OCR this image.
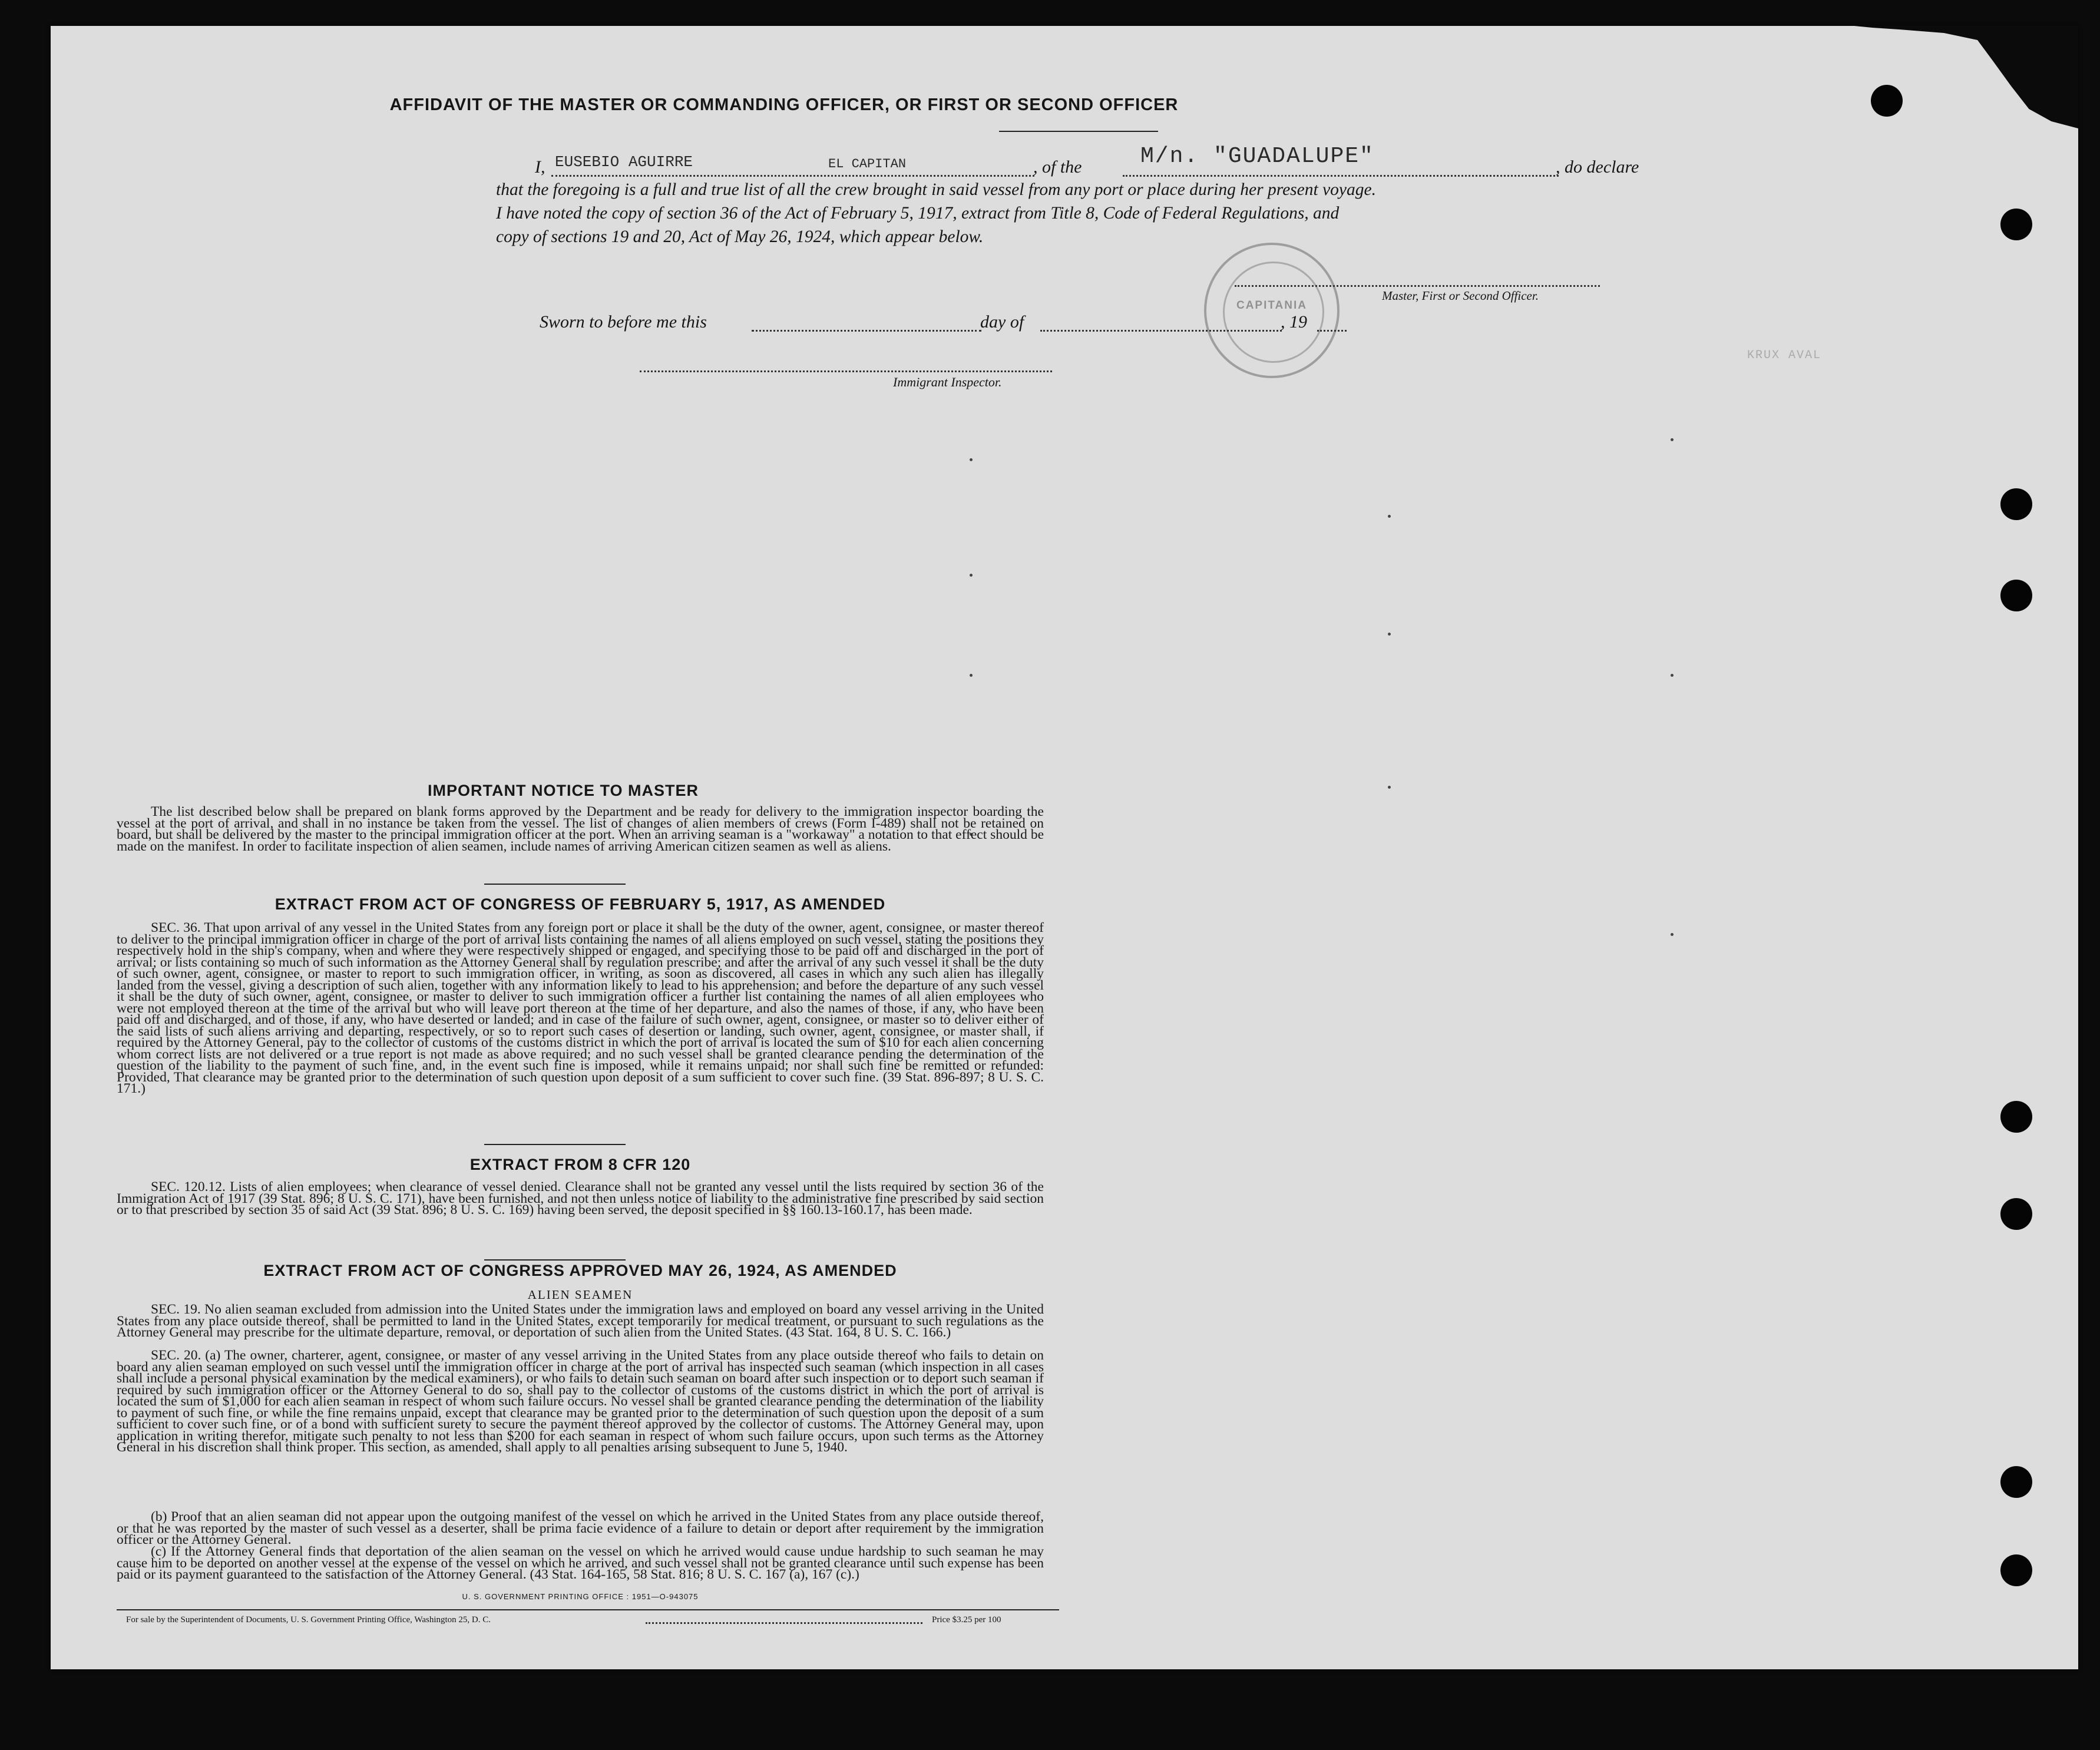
AFFIDAVIT OF THE MASTER OR COMMANDING OFFICER, OR FIRST OR SECOND OFFICER
I, EUSEBIO AGUIRRE	EL CAPITAN	, of the	M/n. "GUADALUPE"	, do declare
that the foregoing is a full and true list of all the crew brought in said vessel from any port or place during her present voyage.
I have noted the copy of section 36 of the Act of February 5, 1917, extract from Title 8, Code of Federal Regulations, and
copy of sections 19 and 20, Act of May 26, 1924, which appear below.
CAPITANIA
Master, First or Second Officer.
Sworn to before me this	day of	, 19
Immigrant Inspector.
KRUX AVAL
IMPORTANT NOTICE TO MASTER
The list described below shall be prepared on blank forms approved by the Department and be ready for delivery to the immigration inspector boarding the vessel at the port of arrival, and shall in no instance be taken from the vessel. The list of changes of alien members of crews (Form I-489) shall not be retained on board, but shall be delivered by the master to the principal immigration officer at the port. When an arriving seaman is a "workaway" a notation to that effect should be made on the manifest. In order to facilitate inspection of alien seamen, include names of arriving American citizen seamen as well as aliens.
EXTRACT FROM ACT OF CONGRESS OF FEBRUARY 5, 1917, AS AMENDED
SEC. 36. That upon arrival of any vessel in the United States from any foreign port or place it shall be the duty of the owner, agent, consignee, or master thereof to deliver to the principal immigration officer in charge of the port of arrival lists containing the names of all aliens employed on such vessel, stating the positions they respectively hold in the ship's company, when and where they were respectively shipped or engaged, and specifying those to be paid off and discharged in the port of arrival; or lists containing so much of such information as the Attorney General shall by regulation prescribe; and after the arrival of any such vessel it shall be the duty of such owner, agent, consignee, or master to report to such immigration officer, in writing, as soon as discovered, all cases in which any such alien has illegally landed from the vessel, giving a description of such alien, together with any information likely to lead to his apprehension; and before the departure of any such vessel it shall be the duty of such owner, agent, consignee, or master to deliver to such immigration officer a further list containing the names of all alien employees who were not employed thereon at the time of the arrival but who will leave port thereon at the time of her departure, and also the names of those, if any, who have been paid off and discharged, and of those, if any, who have deserted or landed; and in case of the failure of such owner, agent, consignee, or master so to deliver either of the said lists of such aliens arriving and departing, respectively, or so to report such cases of desertion or landing, such owner, agent, consignee, or master shall, if required by the Attorney General, pay to the collector of customs of the customs district in which the port of arrival is located the sum of $10 for each alien concerning whom correct lists are not delivered or a true report is not made as above required; and no such vessel shall be granted clearance pending the determination of the question of the liability to the payment of such fine, and, in the event such fine is imposed, while it remains unpaid; nor shall such fine be remitted or refunded: Provided, That clearance may be granted prior to the determination of such question upon deposit of a sum sufficient to cover such fine. (39 Stat. 896-897; 8 U. S. C. 171.)
EXTRACT FROM 8 CFR 120
SEC. 120.12. Lists of alien employees; when clearance of vessel denied. Clearance shall not be granted any vessel until the lists required by section 36 of the Immigration Act of 1917 (39 Stat. 896; 8 U. S. C. 171), have been furnished, and not then unless notice of liability to the administrative fine prescribed by said section or to that prescribed by section 35 of said Act (39 Stat. 896; 8 U. S. C. 169) having been served, the deposit specified in §§ 160.13-160.17, has been made.
EXTRACT FROM ACT OF CONGRESS APPROVED MAY 26, 1924, AS AMENDED
ALIEN SEAMEN
SEC. 19. No alien seaman excluded from admission into the United States under the immigration laws and employed on board any vessel arriving in the United States from any place outside thereof, shall be permitted to land in the United States, except temporarily for medical treatment, or pursuant to such regulations as the Attorney General may prescribe for the ultimate departure, removal, or deportation of such alien from the United States. (43 Stat. 164, 8 U. S. C. 166.)
SEC. 20. (a) The owner, charterer, agent, consignee, or master of any vessel arriving in the United States from any place outside thereof who fails to detain on board any alien seaman employed on such vessel until the immigration officer in charge at the port of arrival has inspected such seaman (which inspection in all cases shall include a personal physical examination by the medical examiners), or who fails to detain such seaman on board after such inspection or to deport such seaman if required by such immigration officer or the Attorney General to do so, shall pay to the collector of customs of the customs district in which the port of arrival is located the sum of $1,000 for each alien seaman in respect of whom such failure occurs. No vessel shall be granted clearance pending the determination of the liability to payment of such fine, or while the fine remains unpaid, except that clearance may be granted prior to the determination of such question upon the deposit of a sum sufficient to cover such fine, or of a bond with sufficient surety to secure the payment thereof approved by the collector of customs. The Attorney General may, upon application in writing therefor, mitigate such penalty to not less than $200 for each seaman in respect of whom such failure occurs, upon such terms as the Attorney General in his discretion shall think proper. This section, as amended, shall apply to all penalties arising subsequent to June 5, 1940.
(b) Proof that an alien seaman did not appear upon the outgoing manifest of the vessel on which he arrived in the United States from any place outside thereof, or that he was reported by the master of such vessel as a deserter, shall be prima facie evidence of a failure to detain or deport after requirement by the immigration officer or the Attorney General.
(c) If the Attorney General finds that deportation of the alien seaman on the vessel on which he arrived would cause undue hardship to such seaman he may cause him to be deported on another vessel at the expense of the vessel on which he arrived, and such vessel shall not be granted clearance until such expense has been paid or its payment guaranteed to the satisfaction of the Attorney General. (43 Stat. 164-165, 58 Stat. 816; 8 U. S. C. 167 (a), 167 (c).)
U. S. GOVERNMENT PRINTING OFFICE : 1951—O-943075
For sale by the Superintendent of Documents, U. S. Government Printing Office, Washington 25, D. C.	Price $3.25 per 100
